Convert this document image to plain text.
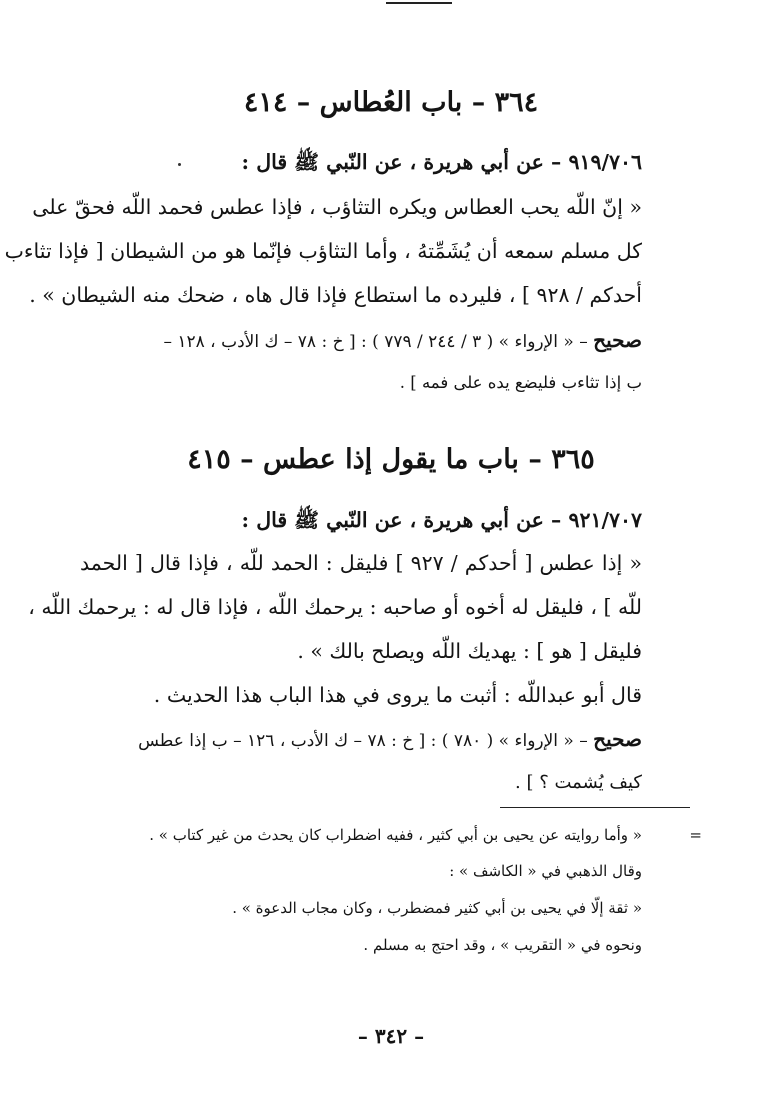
٣٦٤ – باب العُطاس – ٤١٤
٩١٩/٧٠٦ – عن أبي هريرة ، عن النّبي ﷺ قال :
« إنّ اللّه يحب العطاس ويكره التثاؤب ، فإذا عطس فحمد اللّه فحقّ على
كل مسلم سمعه أن يُشَمِّتهُ ، وأما التثاؤب فإنّما هو من الشيطان [ فإذا تثاءب
أحدكم / ٩٢٨ ] ، فليرده ما استطاع فإذا قال هاه ، ضحك منه الشيطان » .
صحيح – « الإرواء » ( ٣ / ٢٤٤ / ٧٧٩ ) : [ خ : ٧٨ – ك الأدب ، ١٢٨ –
ب إذا تثاءب فليضع يده على فمه ] .
٣٦٥ – باب ما يقول إذا عطس – ٤١٥
٩٢١/٧٠٧ – عن أبي هريرة ، عن النّبي ﷺ قال :
« إذا عطس [ أحدكم / ٩٢٧ ] فليقل : الحمد للّه ، فإذا قال [ الحمد
للّه ] ، فليقل له أخوه أو صاحبه : يرحمك اللّه ، فإذا قال له : يرحمك اللّه ،
فليقل [ هو ] : يهديك اللّه ويصلح بالك » .
قال أبو عبداللّه : أثبت ما يروى في هذا الباب هذا الحديث .
صحيح – « الإرواء » ( ٧٨٠ ) : [ خ : ٧٨ – ك الأدب ، ١٢٦ – ب إذا عطس
كيف يُشمت ؟ ] .
=
« وأما روايته عن يحيى بن أبي كثير ، ففيه اضطراب كان يحدث من غير كتاب » .
وقال الذهبي في « الكاشف » :
« ثقة إلّا في يحيى بن أبي كثير فمضطرب ، وكان مجاب الدعوة » .
ونحوه في « التقريب » ، وقد احتج به مسلم .
– ٣٤٢ –
